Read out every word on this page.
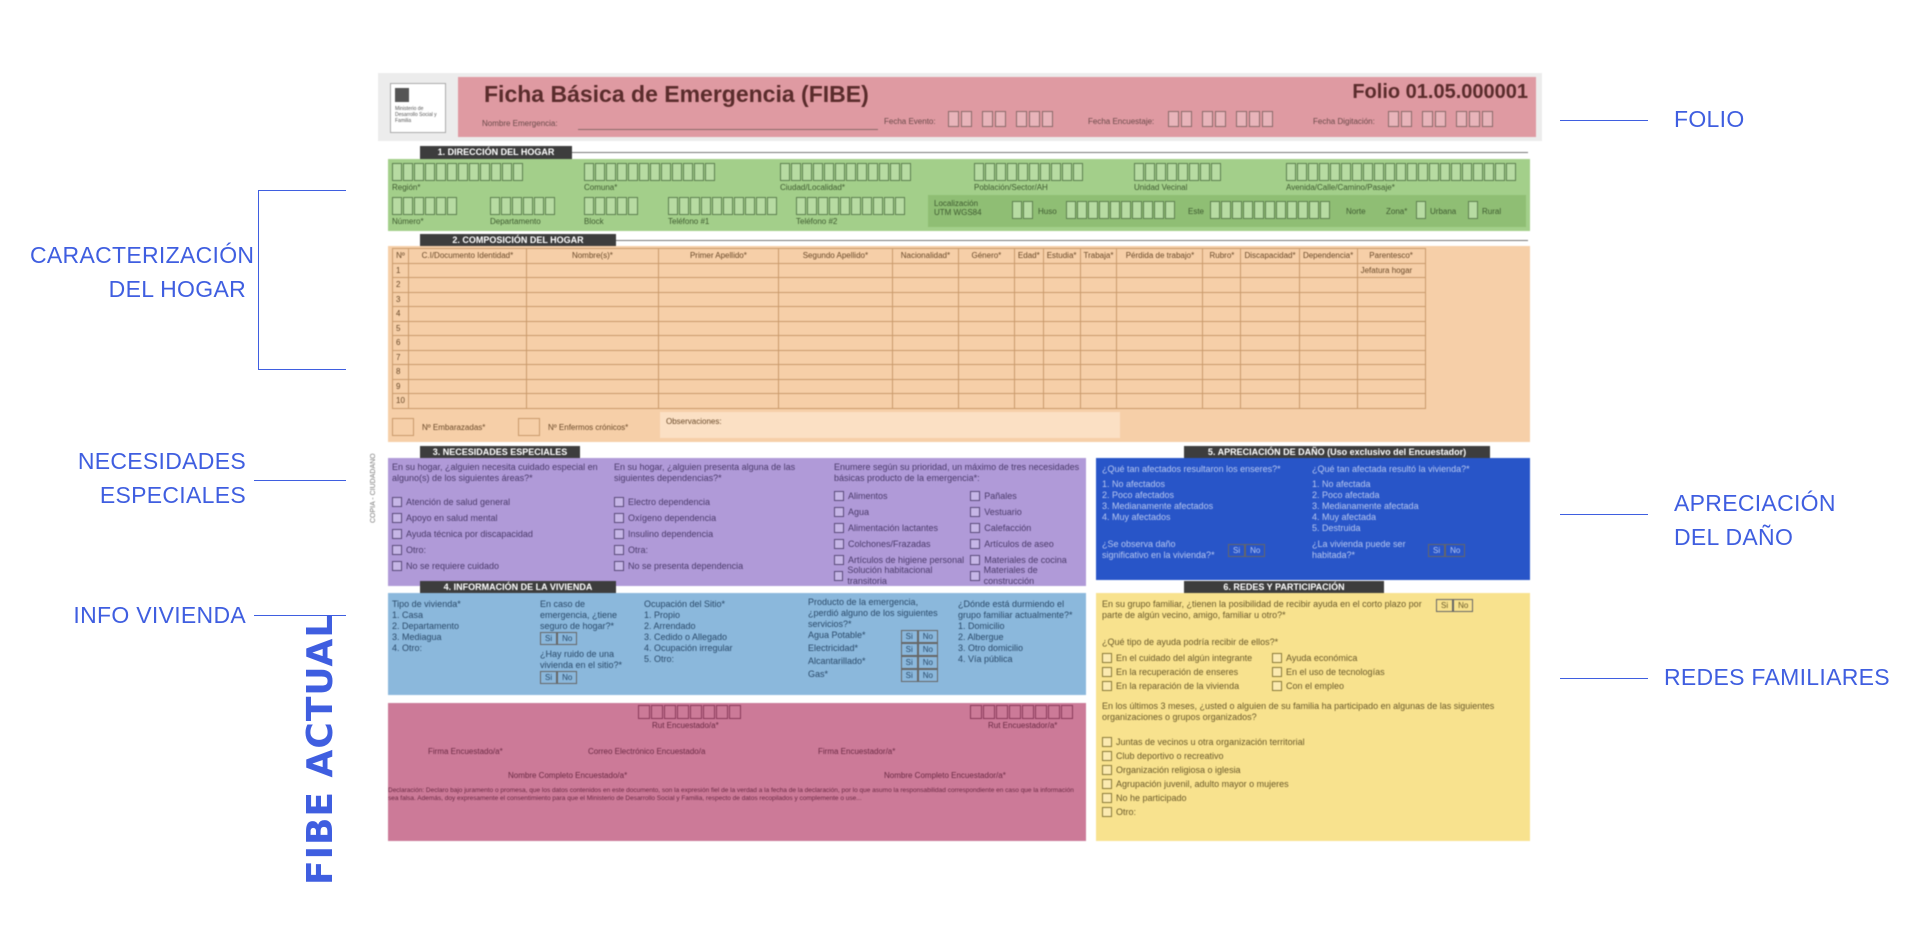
CARACTERIZACIÓN
DEL HOGAR
NECESIDADES
ESPECIALES
INFO VIVIENDA
FOLIO
APRECIACIÓN
DEL DAÑO
REDES FAMILIARES
FIBE ACTUAL
Ministerio de Desarrollo Social y Familia
Ficha Básica de Emergencia (FIBE)	Folio 01.05.000001
Nombre Emergencia:	Fecha Evento:	Fecha Encuestaje:	Fecha Digitación:
1. DIRECCIÓN DEL HOGAR
Región*	Comuna*	Ciudad/Localidad*	Población/Sector/AH	Unidad Vecinal	Avenida/Calle/Camino/Pasaje*
Número*	Departamento	Block	Teléfono #1	Teléfono #2
Localización UTM WGS84	Huso	Este	Norte	Zona*	Urbana	Rural
2. COMPOSICIÓN DEL HOGAR
Nº	C.I/Documento Identidad*	Nombre(s)*	Primer Apellido*	Segundo Apellido*	Nacionalidad*	Género*	Edad*	Estudia*	Trabaja*	Pérdida de trabajo*	Rubro*	Discapacidad*	Dependencia*	Parentesco*
1														Jefatura hogar
2														
3														
4														
5														
6														
7														
8														
9														
10														
Nº Embarazadas*	Nº Enfermos crónicos*
Observaciones:
3. NECESIDADES ESPECIALES
En su hogar, ¿alguien necesita cuidado especial en alguno(s) de los siguientes áreas?*
Atención de salud general
Apoyo en salud mental
Ayuda técnica por discapacidad
Otro:
No se requiere cuidado
En su hogar, ¿alguien presenta alguna de las siguientes dependencias?*
Electro dependencia
Oxígeno dependencia
Insulino dependencia
Otra:
No se presenta dependencia
Enumere según su prioridad, un máximo de tres necesidades básicas producto de la emergencia*:
Alimentos
Agua
Alimentación lactantes
Colchones/Frazadas
Artículos de higiene personal
Solución habitacional transitoria
Pañales
Vestuario
Calefacción
Artículos de aseo
Materiales de cocina
Materiales de construcción
COPIA - CIUDADANO
5. APRECIACIÓN DE DAÑO (Uso exclusivo del Encuestador)
¿Qué tan afectados resultaron los enseres?*
1. No afectados
2. Poco afectados
3. Medianamente afectados
4. Muy afectados
¿Se observa daño significativo en la vivienda?*	Si	No
¿Qué tan afectada resultó la vivienda?*
1. No afectada
2. Poco afectada
3. Medianamente afectada
4. Muy afectada
5. Destruida
¿La vivienda puede ser habitada?*	Si	No
4. INFORMACIÓN DE LA VIVIENDA
Tipo de vivienda*
1. Casa
2. Departamento
3. Mediagua
4. Otro:
En caso de emergencia, ¿tiene seguro de hogar?*
Si	No
¿Hay ruido de una vivienda en el sitio?*
Si	No
Ocupación del Sitio*
1. Propio
2. Arrendado
3. Cedido o Allegado
4. Ocupación irregular
5. Otro:
Producto de la emergencia, ¿perdió alguno de los siguientes servicios?*
Agua Potable*	Si	No
Electricidad*	Si	No
Alcantarillado*	Si	No
Gas*	Si	No
¿Dónde está durmiendo el grupo familiar actualmente?*
1. Domicilio
2. Albergue
3. Otro domicilio
4. Vía pública
6. REDES Y PARTICIPACIÓN
En su grupo familiar, ¿tienen la posibilidad de recibir ayuda en el corto plazo por parte de algún vecino, amigo, familiar u otro?*
Si	No
¿Qué tipo de ayuda podría recibir de ellos?*
En el cuidado del algún integrante
En la recuperación de enseres
En la reparación de la vivienda
Ayuda económica
En el uso de tecnologías
Con el empleo
En los últimos 3 meses, ¿usted o alguien de su familia ha participado en algunas de las siguientes organizaciones o grupos organizados?
Juntas de vecinos u otra organización territorial
Club deportivo o recreativo
Organización religiosa o iglesia
Agrupación juvenil, adulto mayor o mujeres
No he participado
Otro:
Rut Encuestado/a*	Rut Encuestador/a*
Firma Encuestado/a*	Correo Electrónico Encuestado/a	Firma Encuestador/a*
Nombre Completo Encuestado/a*	Nombre Completo Encuestador/a*
Declaración: Declaro bajo juramento o promesa, que los datos contenidos en este documento, son la expresión fiel de la verdad a la fecha de la declaración, por lo que asumo la responsabilidad correspondiente en caso que la información sea falsa. Además, doy expresamente el consentimiento para que el Ministerio de Desarrollo Social y Familia, respecto de datos recopilados y complemente o use...
